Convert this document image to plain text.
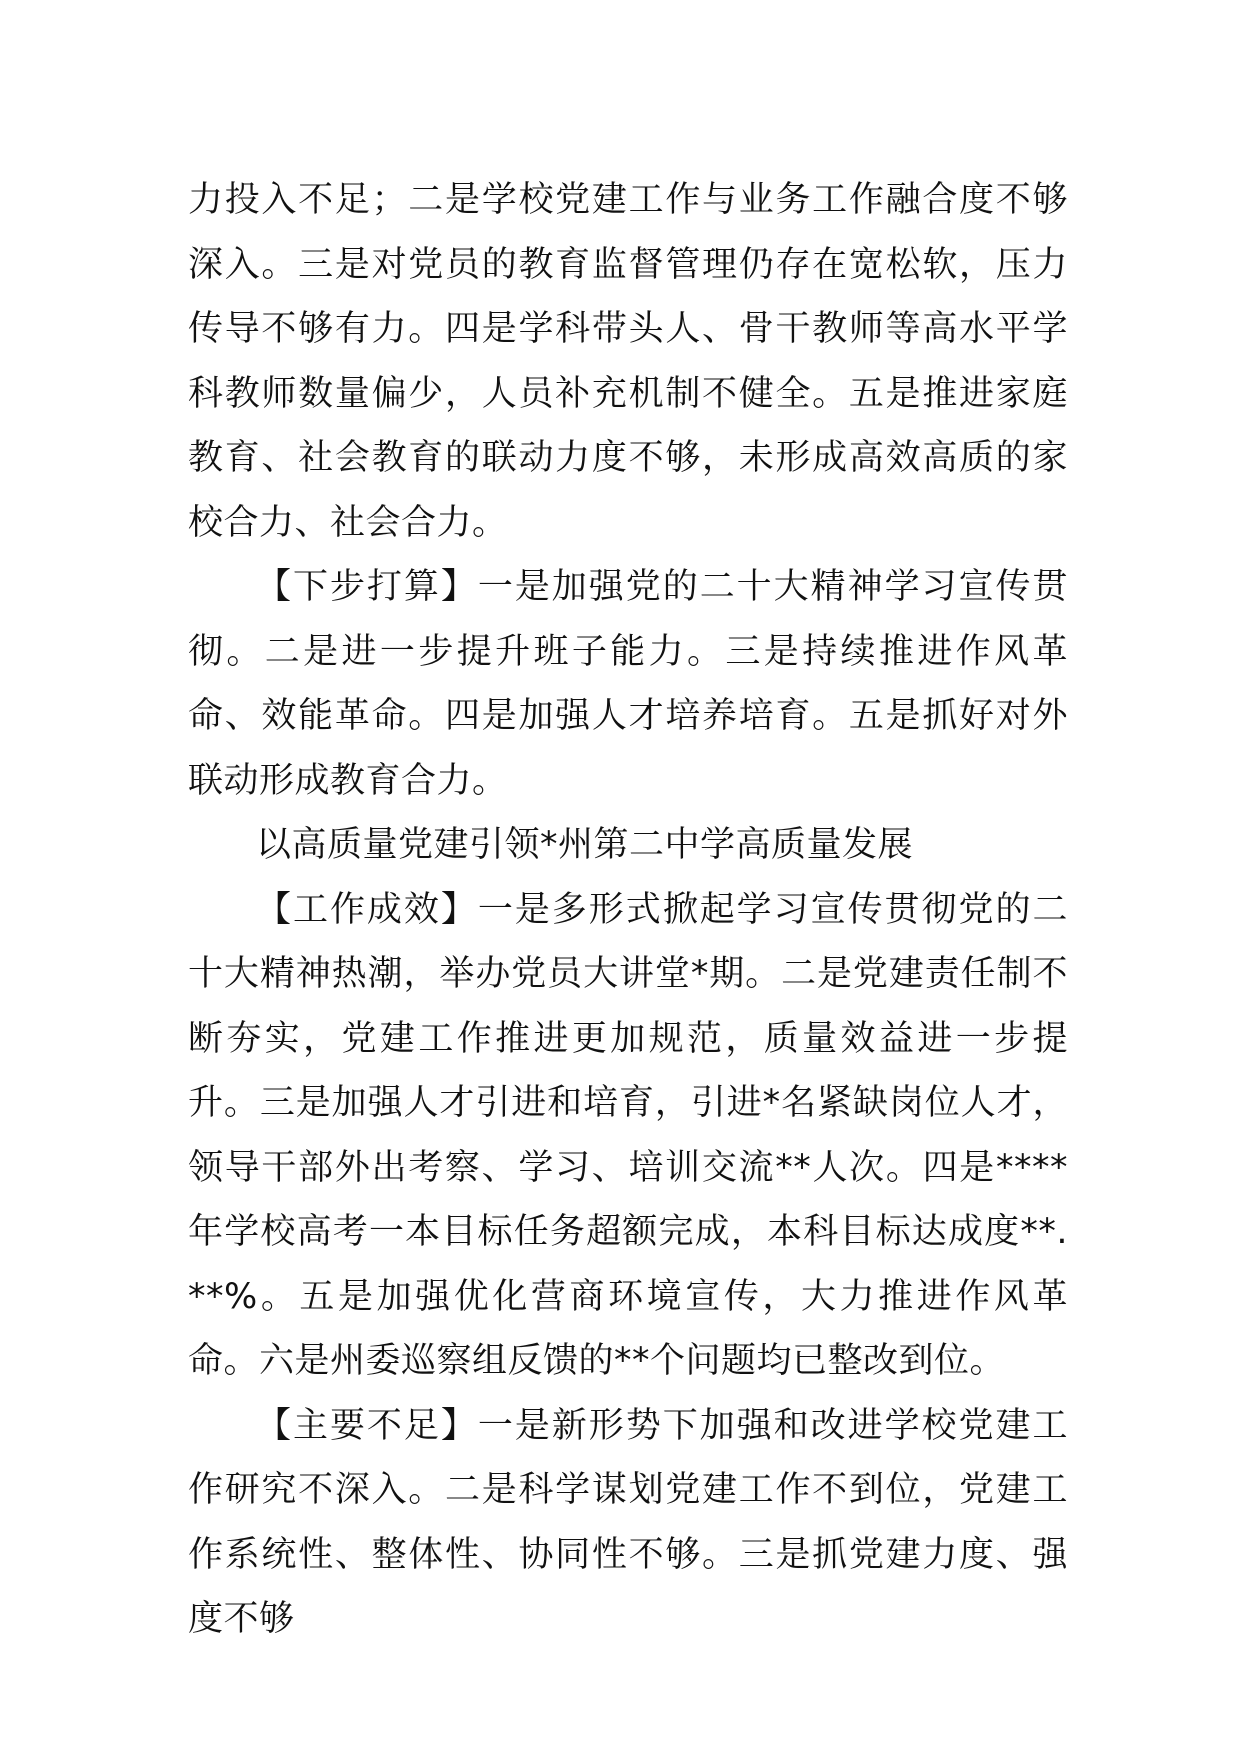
力投入不足；二是学校党建工作与业务工作融合度不够深入。三是对党员的教育监督管理仍存在宽松软，压力传导不够有力。四是学科带头人、骨干教师等高水平学科教师数量偏少，人员补充机制不健全。五是推进家庭教育、社会教育的联动力度不够，未形成高效高质的家校合力、社会合力。

【下步打算】一是加强党的二十大精神学习宣传贯彻。二是进一步提升班子能力。三是持续推进作风革命、效能革命。四是加强人才培养培育。五是抓好对外联动形成教育合力。

以高质量党建引领*州第二中学高质量发展

【工作成效】一是多形式掀起学习宣传贯彻党的二十大精神热潮，举办党员大讲堂*期。二是党建责任制不断夯实，党建工作推进更加规范，质量效益进一步提升。三是加强人才引进和培育，引进*名紧缺岗位人才，领导干部外出考察、学习、培训交流**人次。四是****年学校高考一本目标任务超额完成，本科目标达成度**. **%。五是加强优化营商环境宣传，大力推进作风革命。六是州委巡察组反馈的**个问题均已整改到位。

【主要不足】一是新形势下加强和改进学校党建工作研究不深入。二是科学谋划党建工作不到位，党建工作系统性、整体性、协同性不够。三是抓党建力度、强度不够
